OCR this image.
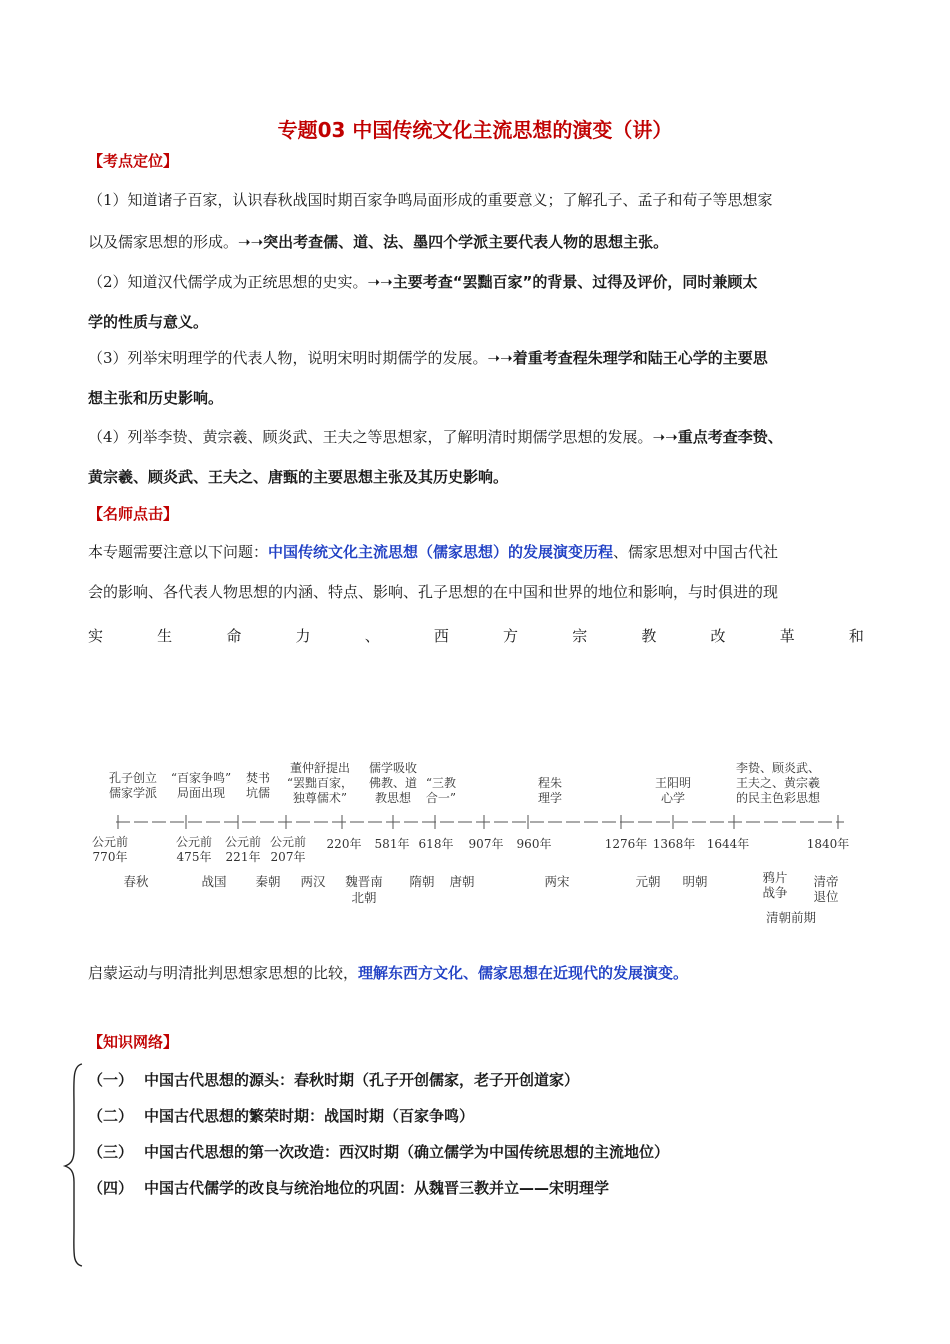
专题03 中国传统文化主流思想的演变（讲）
【考点定位】
（1）知道诸子百家，认识春秋战国时期百家争鸣局面形成的重要意义；了解孔子、孟子和荀子等思想家
以及儒家思想的形成。➝➝突出考查儒、道、法、墨四个学派主要代表人物的思想主张。
（2）知道汉代儒学成为正统思想的史实。➝➝主要考查“罢黜百家”的背景、过得及评价，同时兼顾太
学的性质与意义。
（3）列举宋明理学的代表人物，说明宋明时期儒学的发展。➝➝着重考查程朱理学和陆王心学的主要思
想主张和历史影响。
（4）列举李贽、黄宗羲、顾炎武、王夫之等思想家，了解明清时期儒学思想的发展。➝➝重点考查李贽、
黄宗羲、顾炎武、王夫之、唐甄的主要思想主张及其历史影响。
【名师点击】
本专题需要注意以下问题：中国传统文化主流思想（儒家思想）的发展演变历程、儒家思想对中国古代社
会的影响、各代表人物思想的内涵、特点、影响、孔子思想的在中国和世界的地位和影响，与时俱进的现
实	生	命	力	、	西	方	宗	教	改	革	和
孔子创立
儒家学派
“百家争鸣”
局面出现
焚书
坑儒
董仲舒提出
“罢黜百家，
独尊儒术”
儒学吸收
佛教、道
教思想
“三教
合一”
程朱
理学
王阳明
心学
李贽、顾炎武、
王夫之、黄宗羲
的民主色彩思想
公元前
770年
公元前
475年
公元前
221年
公元前
207年
220年 581年 618年 907年 960年	1276年 1368年 1644年	1840年
春秋	战国 秦朝 两汉 魏晋南
北朝
隋朝 唐朝	两宋	元朝 明朝	鸦片
战争
清帝
退位
清朝前期
启蒙运动与明清批判思想家思想的比较，理解东西方文化、儒家思想在近现代的发展演变。
【知识网络】
（一） 中国古代思想的源头：春秋时期（孔子开创儒家，老子开创道家）
（二） 中国古代思想的繁荣时期：战国时期（百家争鸣）
（三） 中国古代思想的第一次改造：西汉时期（确立儒学为中国传统思想的主流地位）
（四） 中国古代儒学的改良与统治地位的巩固：从魏晋三教并立——宋明理学
